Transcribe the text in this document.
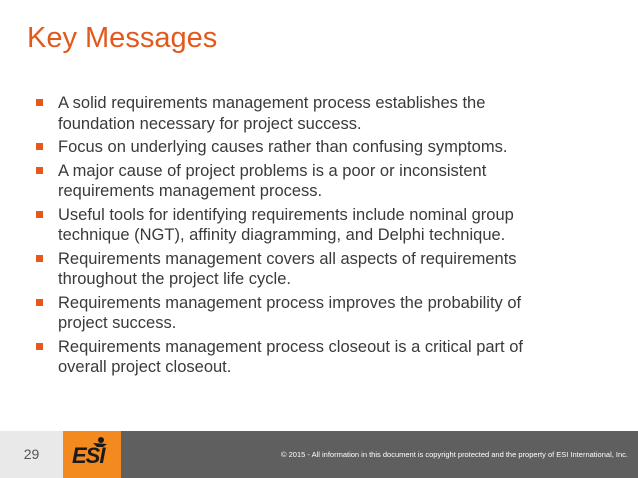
Key Messages
A solid requirements management process establishes the
foundation necessary for project success.
Focus on underlying causes rather than confusing symptoms.
A major cause of project problems is a poor or inconsistent
requirements management process.
Useful tools for identifying requirements include nominal group
technique (NGT), affinity diagramming, and Delphi technique.
Requirements management covers all aspects of requirements
throughout the project life cycle.
Requirements management process improves the probability of
project success.
Requirements management process closeout is a critical part of
overall project closeout.
29	ESI	© 2015 - All information in this document is copyright protected and the property of ESI International, Inc.
